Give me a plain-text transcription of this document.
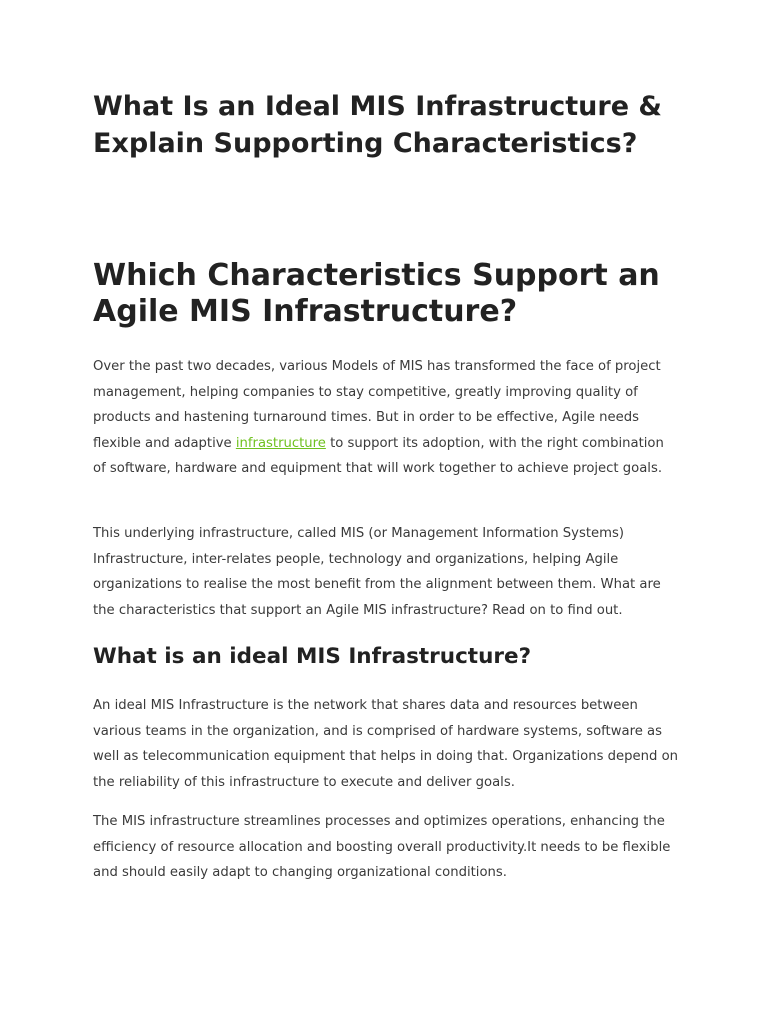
What Is an Ideal MIS Infrastructure & Explain Supporting Characteristics?
Which Characteristics Support an Agile MIS Infrastructure?

Over the past two decades, various Models of MIS has transformed the face of project management, helping companies to stay competitive, greatly improving quality of products and hastening turnaround times. But in order to be effective, Agile needs flexible and adaptive infrastructure to support its adoption, with the right combination of software, hardware and equipment that will work together to achieve project goals.

This underlying infrastructure, called MIS (or Management Information Systems) Infrastructure, inter-relates people, technology and organizations, helping Agile organizations to realise the most benefit from the alignment between them. What are the characteristics that support an Agile MIS infrastructure? Read on to find out.

What is an ideal MIS Infrastructure?

An ideal MIS Infrastructure is the network that shares data and resources between various teams in the organization, and is comprised of hardware systems, software as well as telecommunication equipment that helps in doing that. Organizations depend on the reliability of this infrastructure to execute and deliver goals.

The MIS infrastructure streamlines processes and optimizes operations, enhancing the efficiency of resource allocation and boosting overall productivity.It needs to be flexible and should easily adapt to changing organizational conditions.
